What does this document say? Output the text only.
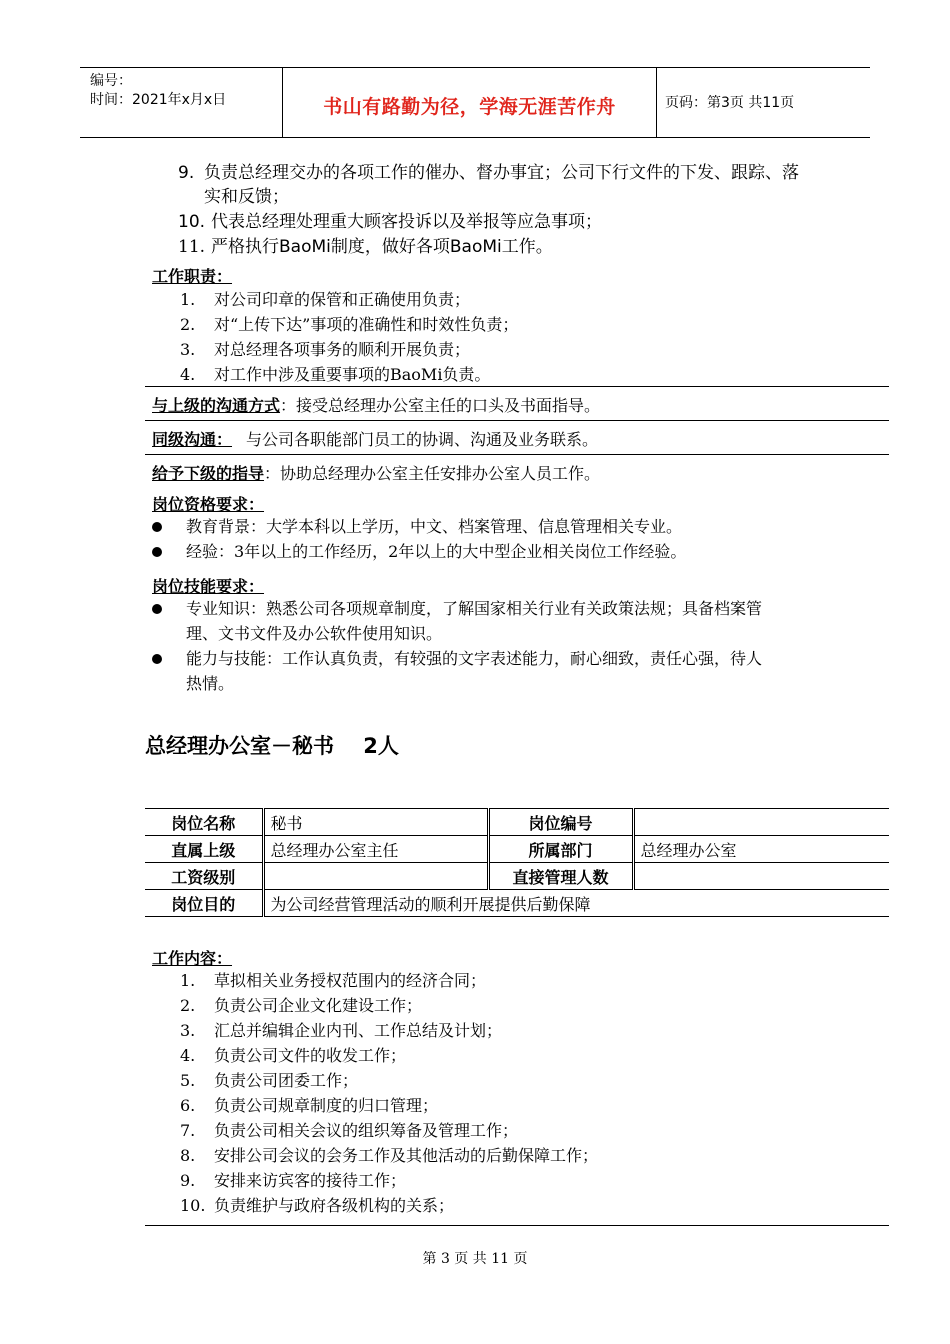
编号：
时间：2021年x月x日	书山有路勤为径，学海无涯苦作舟	页码：第3页 共11页
9. 负责总经理交办的各项工作的催办、督办事宜；公司下行文件的下发、跟踪、落
实和反馈；
10. 代表总经理处理重大顾客投诉以及举报等应急事项；
11. 严格执行BaoMi制度，做好各项BaoMi工作。
工作职责：
1. 对公司印章的保管和正确使用负责；
2. 对“上传下达”事项的准确性和时效性负责；
3. 对总经理各项事务的顺利开展负责；
4. 对工作中涉及重要事项的BaoMi负责。
与上级的沟通方式：接受总经理办公室主任的口头及书面指导。
同级沟通： 与公司各职能部门员工的协调、沟通及业务联系。
给予下级的指导：协助总经理办公室主任安排办公室人员工作。
岗位资格要求：
教育背景：大学本科以上学历，中文、档案管理、信息管理相关专业。
经验：3年以上的工作经历，2年以上的大中型企业相关岗位工作经验。
岗位技能要求：
专业知识：熟悉公司各项规章制度，了解国家相关行业有关政策法规；具备档案管
理、文书文件及办公软件使用知识。
能力与技能：工作认真负责，有较强的文字表述能力，耐心细致，责任心强，待人
热情。
总经理办公室－秘书    2人
岗位名称	秘书	岗位编号	
直属上级	总经理办公室主任	所属部门	总经理办公室
工资级别		直接管理人数	
岗位目的	为公司经营管理活动的顺利开展提供后勤保障		
工作内容：
1. 草拟相关业务授权范围内的经济合同；
2. 负责公司企业文化建设工作；
3. 汇总并编辑企业内刊、工作总结及计划；
4. 负责公司文件的收发工作；
5. 负责公司团委工作；
6. 负责公司规章制度的归口管理；
7. 负责公司相关会议的组织筹备及管理工作；
8. 安排公司会议的会务工作及其他活动的后勤保障工作；
9. 安排来访宾客的接待工作；
10. 负责维护与政府各级机构的关系；
第 3 页 共 11 页
